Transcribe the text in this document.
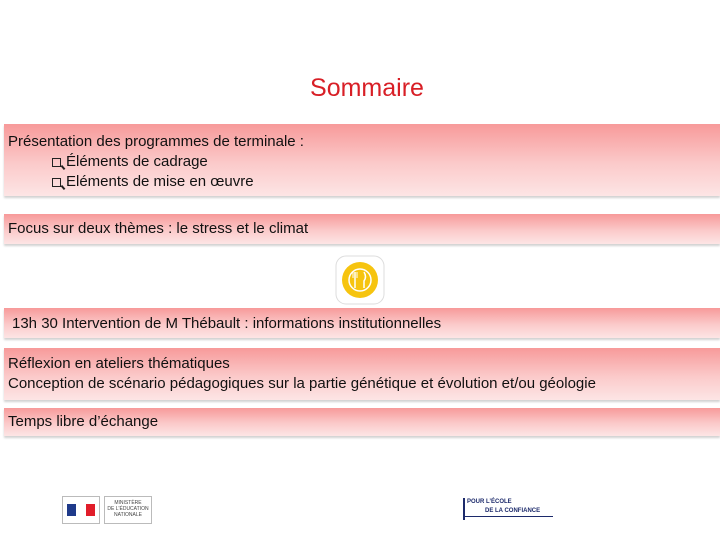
Sommaire
Présentation des programmes de terminale :
Éléments de cadrage
Eléments de mise en œuvre
Focus sur deux thèmes : le stress et le climat
13h 30 Intervention de M Thébault : informations institutionnelles
Réflexion en ateliers thématiques
Conception de scénario pédagogiques sur la partie génétique et évolution et/ou géologie
Temps libre d’échange
MINISTÈRE
DE L'ÉDUCATION
NATIONALE
POUR L’ÉCOLE
DE LA CONFIANCE
